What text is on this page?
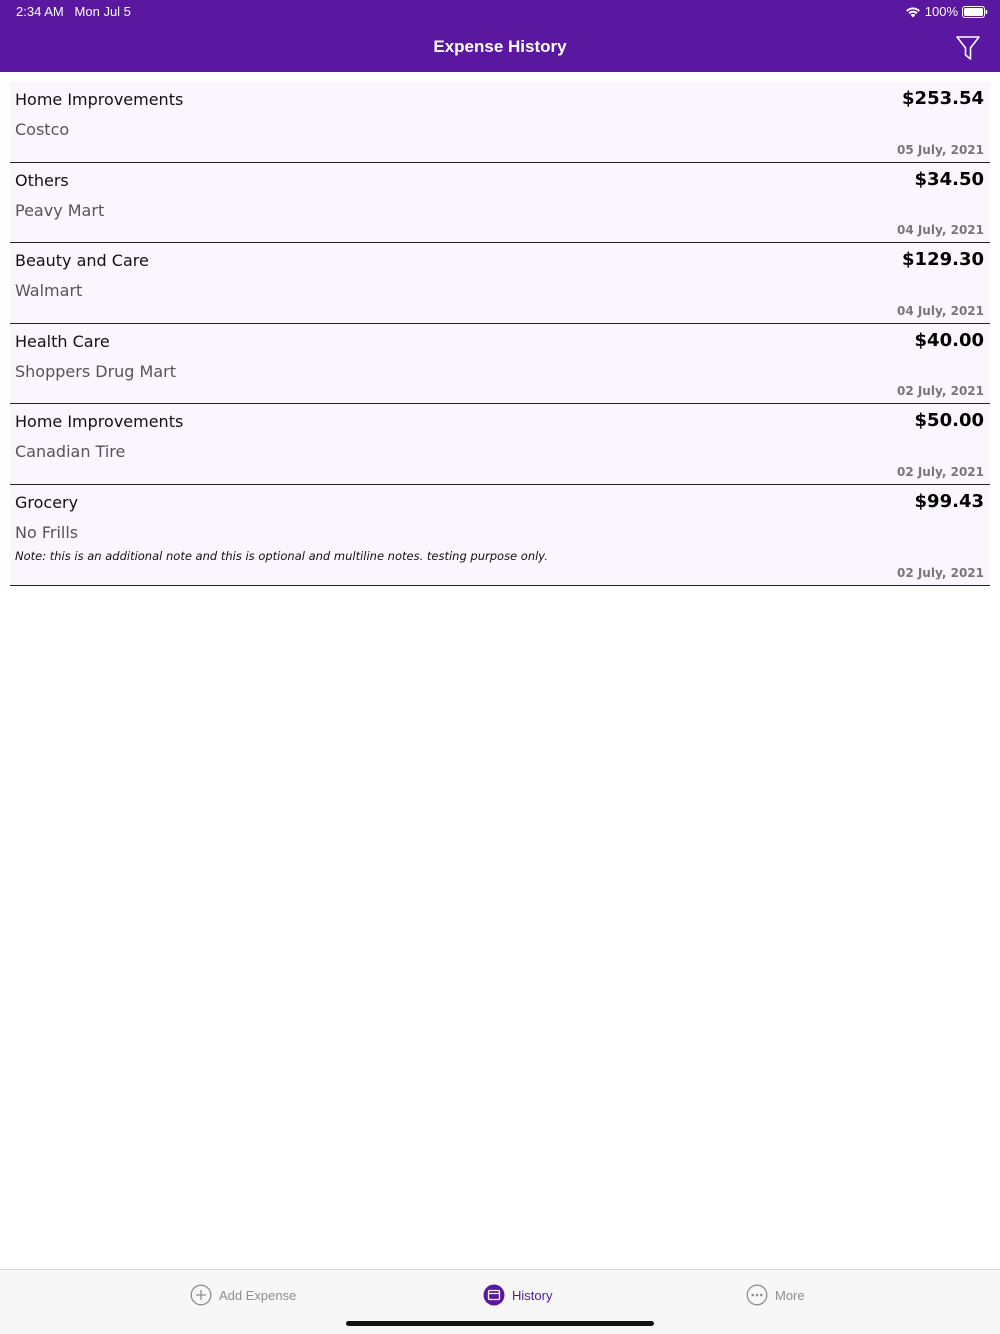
2:34 AM Mon Jul 5	100%
Expense History
Home Improvements	$253.54
Costco
05 July, 2021
Others	$34.50
Peavy Mart
04 July, 2021
Beauty and Care	$129.30
Walmart
04 July, 2021
Health Care	$40.00
Shoppers Drug Mart
02 July, 2021
Home Improvements	$50.00
Canadian Tire
02 July, 2021
Grocery	$99.43
No Frills
Note: this is an additional note and this is optional and multiline notes. testing purpose only.
02 July, 2021
Add Expense	History	More
